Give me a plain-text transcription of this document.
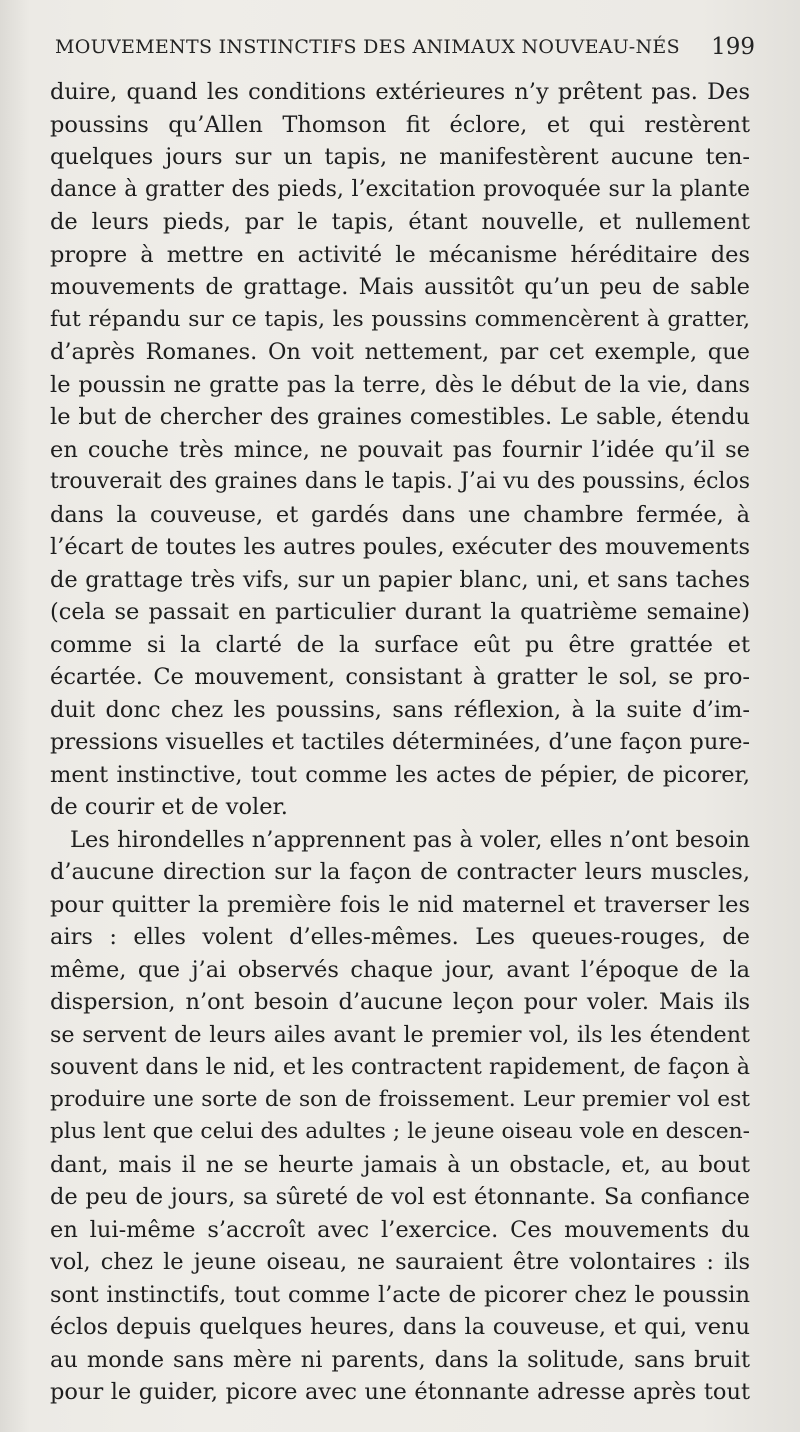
MOUVEMENTS INSTINCTIFS DES ANIMAUX NOUVEAU-NÉS 199
duire, quand les conditions extérieures n’y prêtent pas. Des
poussins qu’Allen Thomson fit éclore, et qui restèrent
quelques jours sur un tapis, ne manifestèrent aucune ten-
dance à gratter des pieds, l’excitation provoquée sur la plante
de leurs pieds, par le tapis, étant nouvelle, et nullement
propre à mettre en activité le mécanisme héréditaire des
mouvements de grattage. Mais aussitôt qu’un peu de sable
fut répandu sur ce tapis, les poussins commencèrent à gratter,
d’après Romanes. On voit nettement, par cet exemple, que
le poussin ne gratte pas la terre, dès le début de la vie, dans
le but de chercher des graines comestibles. Le sable, étendu
en couche très mince, ne pouvait pas fournir l’idée qu’il se
trouverait des graines dans le tapis. J’ai vu des poussins, éclos
dans la couveuse, et gardés dans une chambre fermée, à
l’écart de toutes les autres poules, exécuter des mouvements
de grattage très vifs, sur un papier blanc, uni, et sans taches
(cela se passait en particulier durant la quatrième semaine)
comme si la clarté de la surface eût pu être grattée et
écartée. Ce mouvement, consistant à gratter le sol, se pro-
duit donc chez les poussins, sans réflexion, à la suite d’im-
pressions visuelles et tactiles déterminées, d’une façon pure-
ment instinctive, tout comme les actes de pépier, de picorer,
de courir et de voler.
Les hirondelles n’apprennent pas à voler, elles n’ont besoin
d’aucune direction sur la façon de contracter leurs muscles,
pour quitter la première fois le nid maternel et traverser les
airs : elles volent d’elles-mêmes. Les queues-rouges, de
même, que j’ai observés chaque jour, avant l’époque de la
dispersion, n’ont besoin d’aucune leçon pour voler. Mais ils
se servent de leurs ailes avant le premier vol, ils les étendent
souvent dans le nid, et les contractent rapidement, de façon à
produire une sorte de son de froissement. Leur premier vol est
plus lent que celui des adultes ; le jeune oiseau vole en descen-
dant, mais il ne se heurte jamais à un obstacle, et, au bout
de peu de jours, sa sûreté de vol est étonnante. Sa confiance
en lui-même s’accroît avec l’exercice. Ces mouvements du
vol, chez le jeune oiseau, ne sauraient être volontaires : ils
sont instinctifs, tout comme l’acte de picorer chez le poussin
éclos depuis quelques heures, dans la couveuse, et qui, venu
au monde sans mère ni parents, dans la solitude, sans bruit
pour le guider, picore avec une étonnante adresse après tout
